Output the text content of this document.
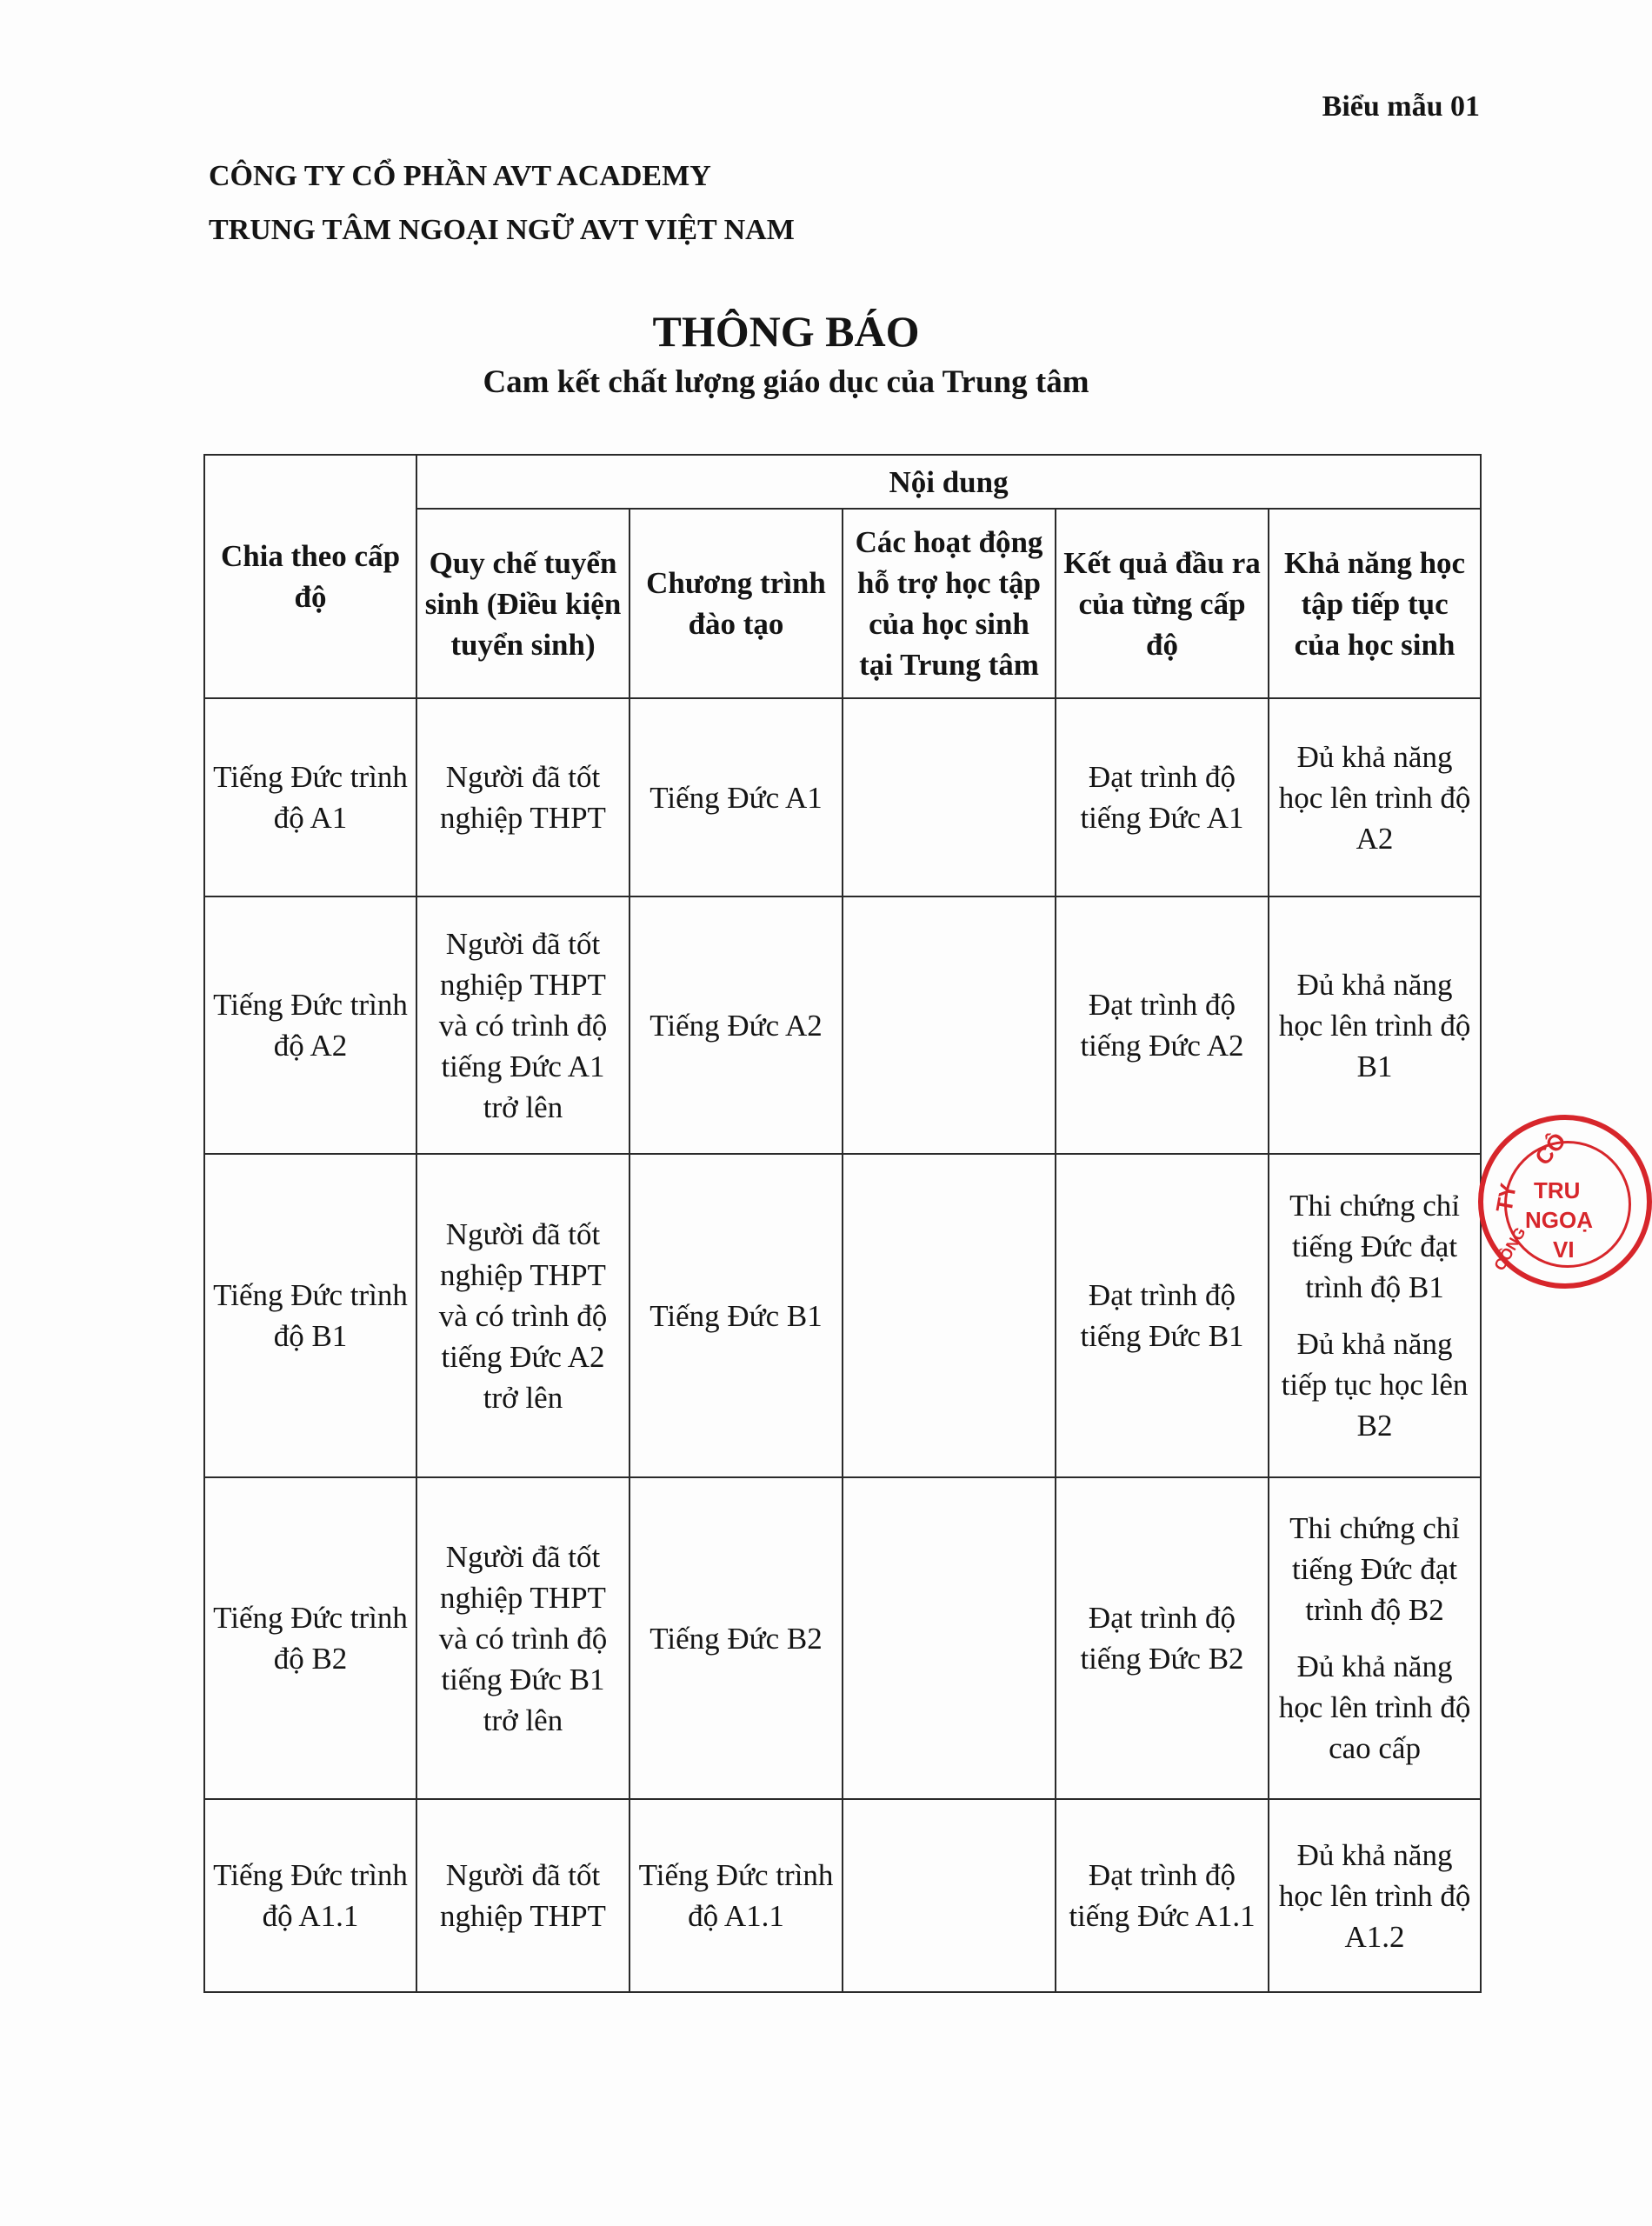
Biểu mẫu 01
CÔNG TY CỔ PHẦN AVT ACADEMY
TRUNG TÂM NGOẠI NGỮ AVT VIỆT NAM
THÔNG BÁO
Cam kết chất lượng giáo dục của Trung tâm
Chia theo cấp độ	Nội dung				
	Quy chế tuyển sinh (Điều kiện tuyển sinh)	Chương trình đào tạo	Các hoạt động hỗ trợ học tập của học sinh tại Trung tâm	Kết quả đầu ra của từng cấp độ	Khả năng học tập tiếp tục của học sinh
Tiếng Đức trình độ A1	Người đã tốt nghiệp THPT	Tiếng Đức A1		Đạt trình độ tiếng Đức A1	Đủ khả năng học lên trình độ A2

Tiếng Đức trình độ A2	Người đã tốt nghiệp THPT và có trình độ tiếng Đức A1 trở lên	Tiếng Đức A2		Đạt trình độ tiếng Đức A2	Đủ khả năng học lên trình độ B1

Tiếng Đức trình độ B1	Người đã tốt nghiệp THPT và có trình độ tiếng Đức A2 trở lên	Tiếng Đức B1		Đạt trình độ tiếng Đức B1	Thi chứng chỉ tiếng Đức đạt trình độ B1
Đủ khả năng tiếp tục học lên B2

Tiếng Đức trình độ B2	Người đã tốt nghiệp THPT và có trình độ tiếng Đức B1 trở lên	Tiếng Đức B2		Đạt trình độ tiếng Đức B2	Thi chứng chỉ tiếng Đức đạt trình độ B2
Đủ khả năng học lên trình độ cao cấp

Tiếng Đức trình độ A1.1	Người đã tốt nghiệp THPT	Tiếng Đức trình độ A1.1		Đạt trình độ tiếng Đức A1.1	Đủ khả năng học lên trình độ A1.2
CÔ
TY TRU
NGOẠ
VI
CÔNG
